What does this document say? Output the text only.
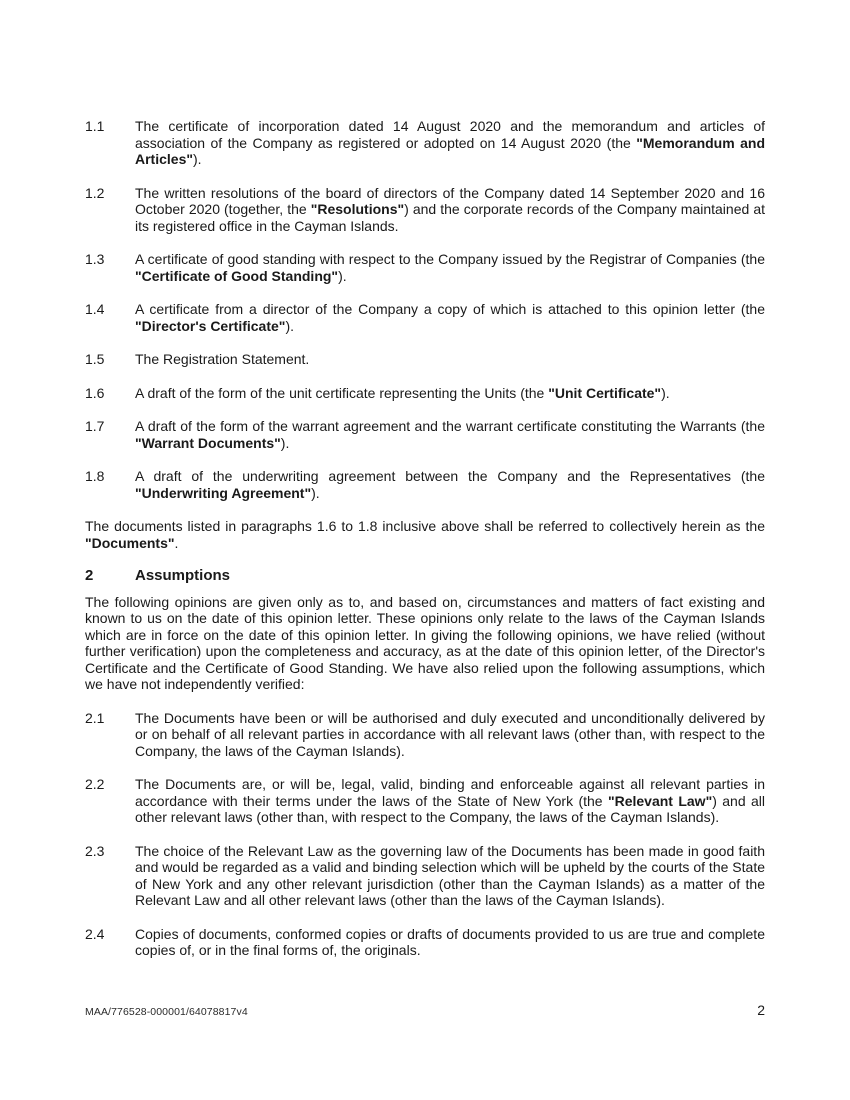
1.1	The certificate of incorporation dated 14 August 2020 and the memorandum and articles of association of the Company as registered or adopted on 14 August 2020 (the "Memorandum and Articles").
1.2	The written resolutions of the board of directors of the Company dated 14 September 2020 and 16 October 2020 (together, the "Resolutions") and the corporate records of the Company maintained at its registered office in the Cayman Islands.
1.3	A certificate of good standing with respect to the Company issued by the Registrar of Companies (the "Certificate of Good Standing").
1.4	A certificate from a director of the Company a copy of which is attached to this opinion letter (the "Director's Certificate").
1.5	The Registration Statement.
1.6	A draft of the form of the unit certificate representing the Units (the "Unit Certificate").
1.7	A draft of the form of the warrant agreement and the warrant certificate constituting the Warrants (the "Warrant Documents").
1.8	A draft of the underwriting agreement between the Company and the Representatives (the "Underwriting Agreement").
The documents listed in paragraphs 1.6 to 1.8 inclusive above shall be referred to collectively herein as the "Documents".
2	Assumptions
The following opinions are given only as to, and based on, circumstances and matters of fact existing and known to us on the date of this opinion letter. These opinions only relate to the laws of the Cayman Islands which are in force on the date of this opinion letter. In giving the following opinions, we have relied (without further verification) upon the completeness and accuracy, as at the date of this opinion letter, of the Director's Certificate and the Certificate of Good Standing. We have also relied upon the following assumptions, which we have not independently verified:
2.1	The Documents have been or will be authorised and duly executed and unconditionally delivered by or on behalf of all relevant parties in accordance with all relevant laws (other than, with respect to the Company, the laws of the Cayman Islands).
2.2	The Documents are, or will be, legal, valid, binding and enforceable against all relevant parties in accordance with their terms under the laws of the State of New York (the "Relevant Law") and all other relevant laws (other than, with respect to the Company, the laws of the Cayman Islands).
2.3	The choice of the Relevant Law as the governing law of the Documents has been made in good faith and would be regarded as a valid and binding selection which will be upheld by the courts of the State of New York and any other relevant jurisdiction (other than the Cayman Islands) as a matter of the Relevant Law and all other relevant laws (other than the laws of the Cayman Islands).
2.4	Copies of documents, conformed copies or drafts of documents provided to us are true and complete copies of, or in the final forms of, the originals.
MAA/776528-000001/64078817v4	2
